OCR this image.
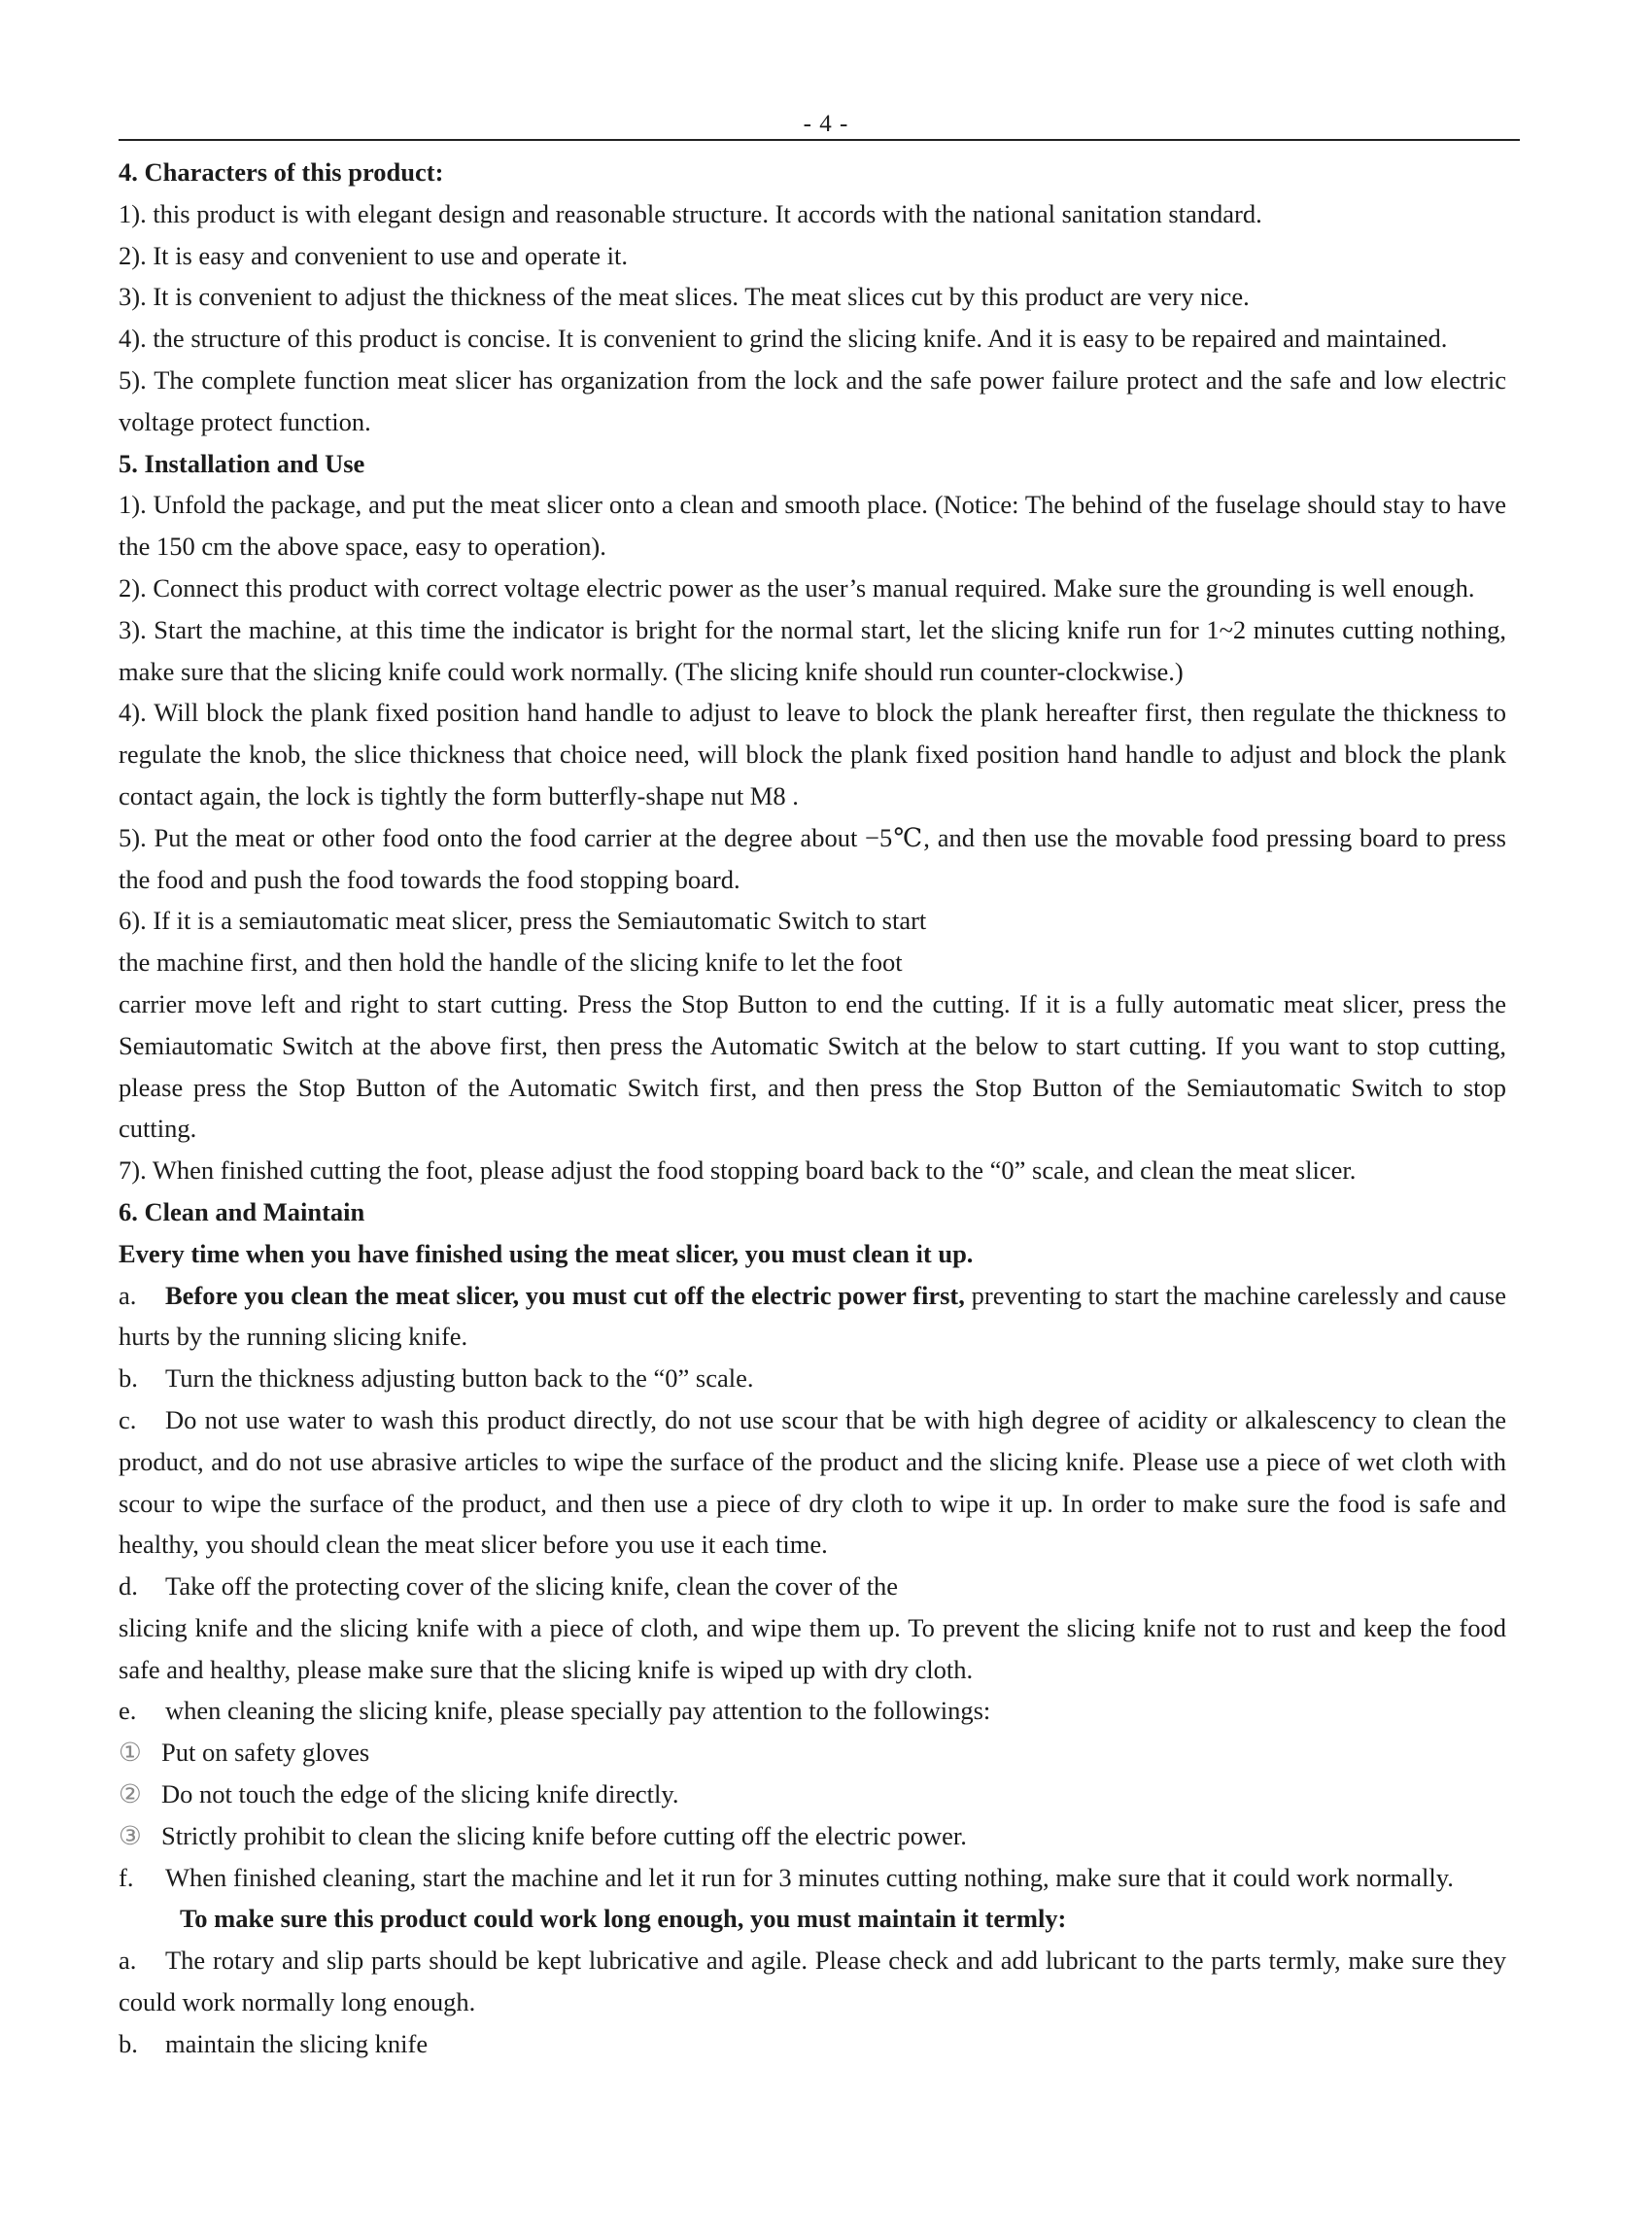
- 4 -

4. Characters of this product:

1). this product is with elegant design and reasonable structure. It accords with the national sanitation standard.

2). It is easy and convenient to use and operate it.

3). It is convenient to adjust the thickness of the meat slices. The meat slices cut by this product are very nice.

4). the structure of this product is concise. It is convenient to grind the slicing knife. And it is easy to be repaired and maintained.

5). The complete function meat slicer has organization from the lock and the safe power failure protect and the safe and low electric voltage protect function.

5. Installation and Use

1). Unfold the package, and put the meat slicer onto a clean and smooth place. (Notice: The behind of the fuselage should stay to have the 150 cm the above space, easy to operation).

2). Connect this product with correct voltage electric power as the user’s manual required. Make sure the grounding is well enough.

3). Start the machine, at this time the indicator is bright for the normal start, let the slicing knife run for 1~2 minutes cutting nothing, make sure that the slicing knife could work normally. (The slicing knife should run counter-clockwise.)

4). Will block the plank fixed position hand handle to adjust to leave to block the plank hereafter first, then regulate the thickness to regulate the knob, the slice thickness that choice need, will block the plank fixed position hand handle to adjust and block the plank contact again, the lock is tightly the form butterfly-shape nut M8 .

5). Put the meat or other food onto the food carrier at the degree about −5℃, and then use the movable food pressing board to press the food and push the food towards the food stopping board.

6). If it is a semiautomatic meat slicer, press the Semiautomatic Switch to start

the machine first, and then hold the handle of the slicing knife to let the foot

carrier move left and right to start cutting. Press the Stop Button to end the cutting. If it is a fully automatic meat slicer, press the Semiautomatic Switch at the above first, then press the Automatic Switch at the below to start cutting. If you want to stop cutting, please press the Stop Button of the Automatic Switch first, and then press the Stop Button of the Semiautomatic Switch to stop cutting.

7). When finished cutting the foot, please adjust the food stopping board back to the “0” scale, and clean the meat slicer.

6. Clean and Maintain

Every time when you have finished using the meat slicer, you must clean it up.

a. Before you clean the meat slicer, you must cut off the electric power first, preventing to start the machine carelessly and cause hurts by the running slicing knife.

b. Turn the thickness adjusting button back to the “0” scale.

c. Do not use water to wash this product directly, do not use scour that be with high degree of acidity or alkalescency to clean the product, and do not use abrasive articles to wipe the surface of the product and the slicing knife. Please use a piece of wet cloth with scour to wipe the surface of the product, and then use a piece of dry cloth to wipe it up. In order to make sure the food is safe and healthy, you should clean the meat slicer before you use it each time.

d. Take off the protecting cover of the slicing knife, clean the cover of the

slicing knife and the slicing knife with a piece of cloth, and wipe them up. To prevent the slicing knife not to rust and keep the food safe and healthy, please make sure that the slicing knife is wiped up with dry cloth.

e. when cleaning the slicing knife, please specially pay attention to the followings:

① Put on safety gloves

② Do not touch the edge of the slicing knife directly.

③ Strictly prohibit to clean the slicing knife before cutting off the electric power.

f. When finished cleaning, start the machine and let it run for 3 minutes cutting nothing, make sure that it could work normally.

To make sure this product could work long enough, you must maintain it termly:

a. The rotary and slip parts should be kept lubricative and agile. Please check and add lubricant to the parts termly, make sure they could work normally long enough.

b. maintain the slicing knife
